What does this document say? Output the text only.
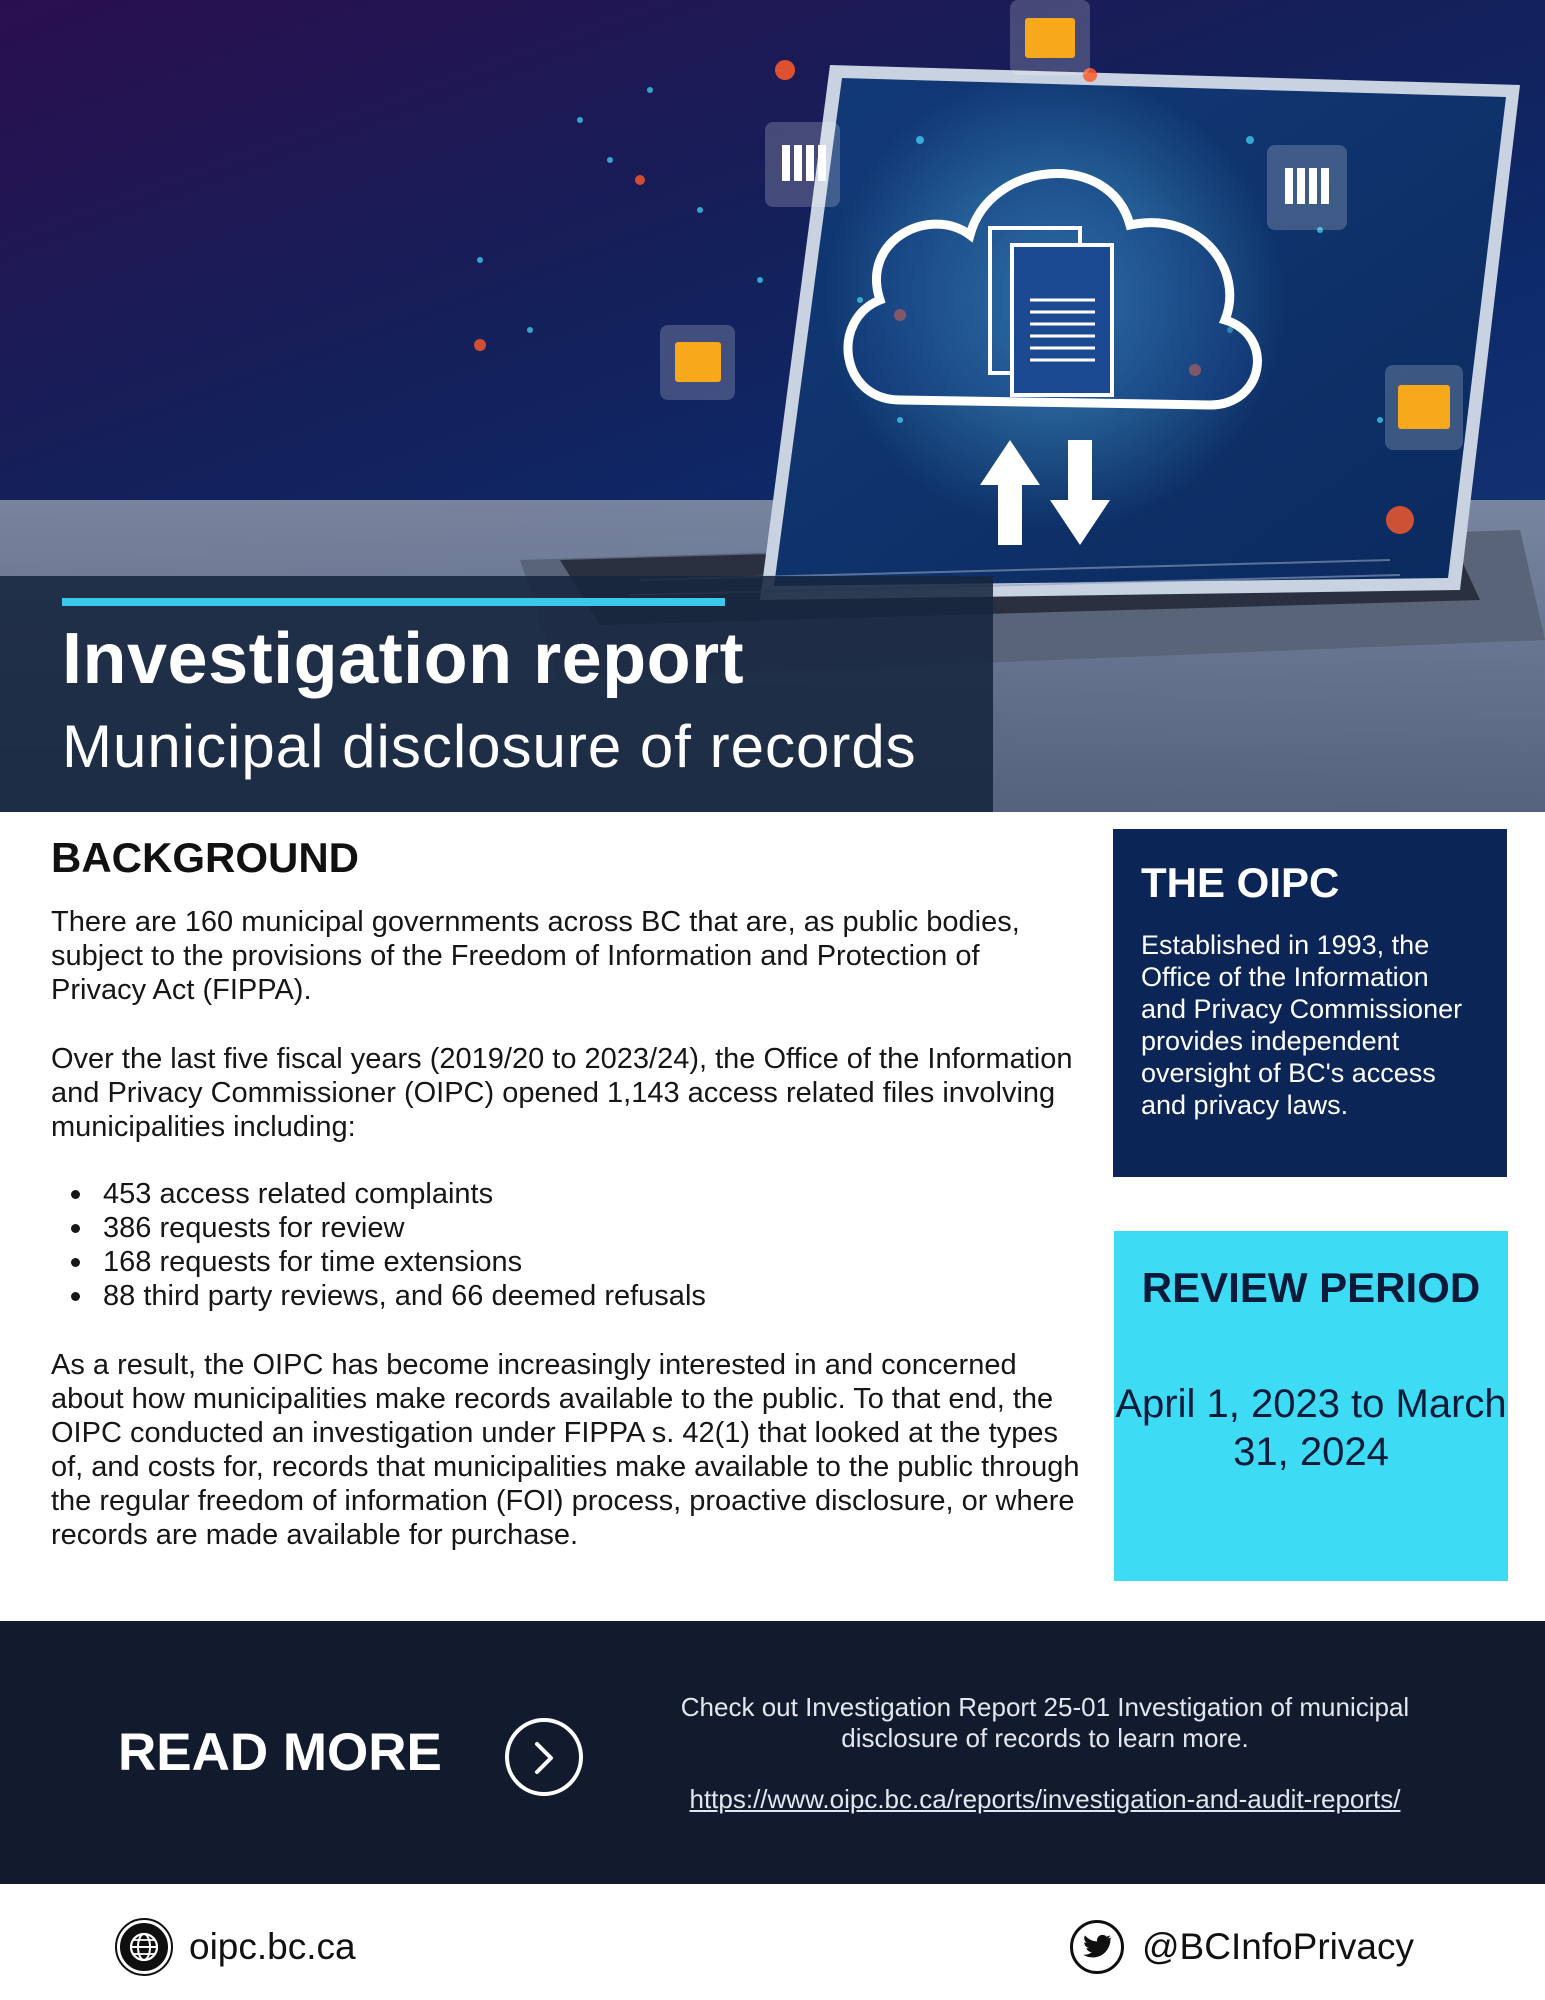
Investigation report
Municipal disclosure of records
BACKGROUND
There are 160 municipal governments across BC that are, as public bodies, subject to the provisions of the Freedom of Information and Protection of Privacy Act (FIPPA).
Over the last five fiscal years (2019/20 to 2023/24), the Office of the Information and Privacy Commissioner (OIPC) opened 1,143 access related files involving municipalities including:
453 access related complaints
386 requests for review
168 requests for time extensions
88 third party reviews, and 66 deemed refusals
As a result, the OIPC has become increasingly interested in and concerned about how municipalities make records available to the public. To that end, the OIPC conducted an investigation under FIPPA s. 42(1) that looked at the types of, and costs for, records that municipalities make available to the public through the regular freedom of information (FOI) process, proactive disclosure, or where records are made available for purchase.
THE OIPC
Established in 1993, the Office of the Information and Privacy Commissioner provides independent oversight of BC's access and privacy laws.
REVIEW PERIOD
April 1, 2023 to March 31, 2024
READ MORE
Check out Investigation Report 25-01 Investigation of municipal disclosure of records to learn more.
https://www.oipc.bc.ca/reports/investigation-and-audit-reports/
oipc.bc.ca	@BCInfoPrivacy
